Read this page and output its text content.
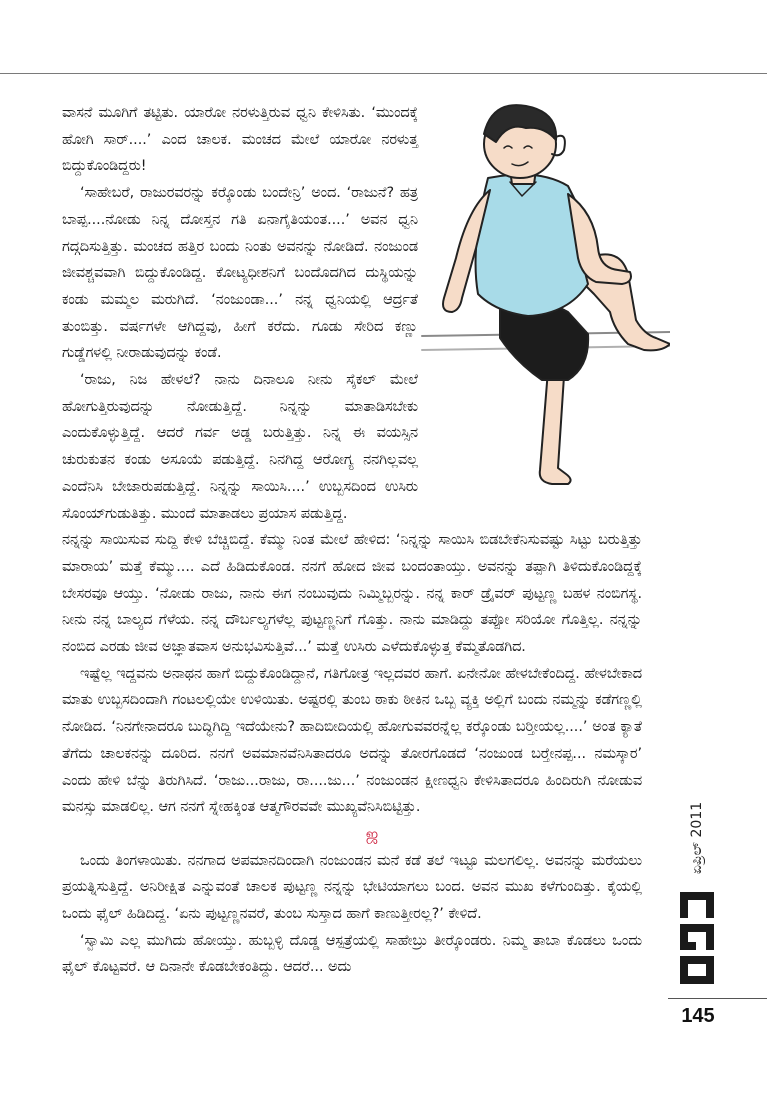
ವಾಸನೆ ಮೂಗಿಗೆ ತಟ್ಟಿತು. ಯಾರೋ ನರಳುತ್ತಿರುವ ಧ್ವನಿ ಕೇಳಿಸಿತು. ‘ಮುಂದಕ್ಕೆ ಹೋಗಿ ಸಾರ್....’ ಎಂದ ಚಾಲಕ. ಮಂಚದ ಮೇಲೆ ಯಾರೋ ನರಳುತ್ತ ಬಿದ್ದುಕೊಂಡಿದ್ದರು!

‘ಸಾಹೇಬರೆ, ರಾಜುರವರನ್ನು ಕರ್‍ಕೊಂಡು ಬಂದೇನ್ರಿ’ ಅಂದ. ‘ರಾಜುನೆ? ಹತ್ರ ಬಾಪ್ಪ....ನೋಡು ನಿನ್ನ ದೋಸ್ತನ ಗತಿ ಏನಾಗೈತಿಯಂತ....’ ಅವನ ಧ್ವನಿ ಗದ್ಗದಿಸುತ್ತಿತ್ತು. ಮಂಚದ ಹತ್ತಿರ ಬಂದು ನಿಂತು ಅವನನ್ನು ನೋಡಿದೆ. ನಂಜುಂಡ ಜೀವಶ್ಚವವಾಗಿ ಬಿದ್ದುಕೊಂಡಿದ್ದ. ಕೋಟ್ಯಧೀಶನಿಗೆ ಬಂದೊದಗಿದ ದುಸ್ಥಿಯನ್ನು ಕಂಡು ಮಮ್ಮಲ ಮರುಗಿದೆ. ‘ನಂಜುಂಡಾ...’ ನನ್ನ ಧ್ವನಿಯಲ್ಲಿ ಆರ್ದ್ರತೆ ತುಂಬಿತ್ತು. ವರ್ಷಗಳೇ ಆಗಿದ್ದವು, ಹೀಗೆ ಕರೆದು. ಗೂಡು ಸೇರಿದ ಕಣ್ಣು ಗುಡ್ಡೆಗಳಲ್ಲಿ ನೀರಾಡುವುದನ್ನು ಕಂಡೆ.

‘ರಾಜು, ನಿಜ ಹೇಳಲೆ? ನಾನು ದಿನಾಲೂ ನೀನು ಸೈಕಲ್ ಮೇಲೆ ಹೋಗುತ್ತಿರುವುದನ್ನು ನೋಡುತ್ತಿದ್ದೆ. ನಿನ್ನನ್ನು ಮಾತಾಡಿಸಬೇಕು ಎಂದುಕೊಳ್ಳುತ್ತಿದ್ದೆ. ಆದರೆ ಗರ್ವ ಅಡ್ಡ ಬರುತ್ತಿತ್ತು. ನಿನ್ನ ಈ ವಯಸ್ಸಿನ ಚುರುಕುತನ ಕಂಡು ಅಸೂಯೆ ಪಡುತ್ತಿದ್ದೆ. ನಿನಗಿದ್ದ ಆರೋಗ್ಯ ನನಗಿಲ್ಲವಲ್ಲ ಎಂದೆನಿಸಿ ಬೇಜಾರುಪಡುತ್ತಿದ್ದೆ. ನಿನ್ನನ್ನು ಸಾಯಿಸಿ....’ ಉಬ್ಬಸದಿಂದ ಉಸಿರು ಸೊಂಯ್‍ಗುಡುತಿತ್ತು. ಮುಂದೆ ಮಾತಾಡಲು ಪ್ರಯಾಸ ಪಡುತ್ತಿದ್ದ.

ನನ್ನನ್ನು ಸಾಯಿಸುವ ಸುದ್ದಿ ಕೇಳಿ ಬೆಚ್ಚಿಬಿದ್ದೆ. ಕೆಮ್ಮು ನಿಂತ ಮೇಲೆ ಹೇಳಿದ: ‘ನಿನ್ನನ್ನು ಸಾಯಿಸಿ ಬಿಡಬೇಕೆನಿಸುವಷ್ಟು ಸಿಟ್ಟು ಬರುತ್ತಿತ್ತು ಮಾರಾಯ’ ಮತ್ತೆ ಕೆಮ್ಮು.... ಎದೆ ಹಿಡಿದುಕೊಂಡ. ನನಗೆ ಹೋದ ಜೀವ ಬಂದಂತಾಯ್ತು. ಅವನನ್ನು ತಪ್ಪಾಗಿ ತಿಳಿದುಕೊಂಡಿದ್ದಕ್ಕೆ ಬೇಸರವೂ ಆಯ್ತು. ‘ನೋಡು ರಾಜು, ನಾನು ಈಗ ನಂಬುವುದು ನಿಮ್ಮಿಬ್ಬರನ್ನು. ನನ್ನ ಕಾರ್ ಡ್ರೈವರ್ ಪುಟ್ಟಣ್ಣ ಬಹಳ ನಂಬಿಗಸ್ಥ. ನೀನು ನನ್ನ ಬಾಲ್ಯದ ಗೆಳೆಯ. ನನ್ನ ದೌರ್ಬಲ್ಯಗಳೆಲ್ಲ ಪುಟ್ಟಣ್ಣನಿಗೆ ಗೊತ್ತು. ನಾನು ಮಾಡಿದ್ದು ತಪ್ಪೋ ಸರಿಯೋ ಗೊತ್ತಿಲ್ಲ. ನನ್ನನ್ನು ನಂಬಿದ ಎರಡು ಜೀವ ಅಜ್ಞಾತವಾಸ ಅನುಭವಿಸುತ್ತಿವೆ...’ ಮತ್ತೆ ಉಸಿರು ಎಳೆದುಕೊಳ್ಳುತ್ತ ಕೆಮ್ಮತೊಡಗಿದ.

ಇಷ್ಟೆಲ್ಲ ಇದ್ದವನು ಅನಾಥನ ಹಾಗೆ ಬಿದ್ದುಕೊಂಡಿದ್ದಾನೆ, ಗತಿಗೋತ್ರ ಇಲ್ಲದವರ ಹಾಗೆ. ಏನೇನೋ ಹೇಳಬೇಕೆಂದಿದ್ದ. ಹೇಳಬೇಕಾದ ಮಾತು ಉಬ್ಬಸದಿಂದಾಗಿ ಗಂಟಲಲ್ಲಿಯೇ ಉಳಿಯಿತು. ಅಷ್ಟರಲ್ಲಿ ತುಂಬ ಠಾಕು ಠೀಕಿನ ಒಬ್ಬ ವ್ಯಕ್ತಿ ಅಲ್ಲಿಗೆ ಬಂದು ನಮ್ಮನ್ನು ಕಡೆಗಣ್ಣಲ್ಲಿ ನೋಡಿದ. ‘ನಿನಗೇನಾದರೂ ಬುದ್ಧಿಗಿದ್ದಿ ಇದೆಯೇನು? ಹಾದಿಬೀದಿಯಲ್ಲಿ ಹೋಗುವವರನ್ನೆಲ್ಲ ಕರ್‍ಕೊಂಡು ಬರ್‍ತೀಯಲ್ಲ....’ ಅಂತ ಕ್ಯಾತೆ ತೆಗೆದು ಚಾಲಕನನ್ನು ದೂರಿದ. ನನಗೆ ಅವಮಾನವೆನಿಸಿತಾದರೂ ಅದನ್ನು ತೋರಗೊಡದೆ ‘ನಂಜುಂಡ ಬರ್‍ತೇನಪ್ಪ... ನಮಸ್ಕಾರ’ ಎಂದು ಹೇಳಿ ಬೆನ್ನು ತಿರುಗಿಸಿದೆ. ‘ರಾಜು...ರಾಜು, ರಾ....ಜು...’ ನಂಜುಂಡನ ಕ್ಷೀಣಧ್ವನಿ ಕೇಳಿಸಿತಾದರೂ ಹಿಂದಿರುಗಿ ನೋಡುವ ಮನಸ್ಸು ಮಾಡಲಿಲ್ಲ. ಆಗ ನನಗೆ ಸ್ನೇಹಕ್ಕಿಂತ ಆತ್ಮಗೌರವವೇ ಮುಖ್ಯವೆನಿಸಿಬಿಟ್ಟಿತ್ತು.

ஜ

ಒಂದು ತಿಂಗಳಾಯಿತು. ನನಗಾದ ಅಪಮಾನದಿಂದಾಗಿ ನಂಜುಂಡನ ಮನೆ ಕಡೆ ತಲೆ ಇಟ್ಟೂ ಮಲಗಲಿಲ್ಲ. ಅವನನ್ನು ಮರೆಯಲು ಪ್ರಯತ್ನಿಸುತ್ತಿದ್ದೆ. ಅನಿರೀಕ್ಷಿತ ಎನ್ನುವಂತೆ ಚಾಲಕ ಪುಟ್ಟಣ್ಣ ನನ್ನನ್ನು ಭೇಟಿಯಾಗಲು ಬಂದ. ಅವನ ಮುಖ ಕಳೆಗುಂದಿತ್ತು. ಕೈಯಲ್ಲಿ ಒಂದು ಫೈಲ್ ಹಿಡಿದಿದ್ದ. ‘ಏನು ಪುಟ್ಟಣ್ಣನವರೆ, ತುಂಬ ಸುಸ್ತಾದ ಹಾಗೆ ಕಾಣುತ್ತೀರಲ್ಲ?’ ಕೇಳಿದೆ.

‘ಸ್ವಾಮಿ ಎಲ್ಲ ಮುಗಿದು ಹೋಯ್ತು. ಹುಬ್ಬಳ್ಳಿ ದೊಡ್ಡ ಆಸ್ಪತ್ರೆಯಲ್ಲಿ ಸಾಹೇಬ್ರು ತೀರ್‍ಕೊಂಡರು. ನಿಮ್ಮ ತಾಬಾ ಕೊಡಲು ಒಂದು ಫೈಲ್ ಕೊಟ್ಟವರೆ. ಆ ದಿನಾನೇ ಕೊಡಬೇಕಂತಿದ್ದು. ಆದರೆ... ಅದು

ಏಪ್ರಿಲ್ 2011
145
